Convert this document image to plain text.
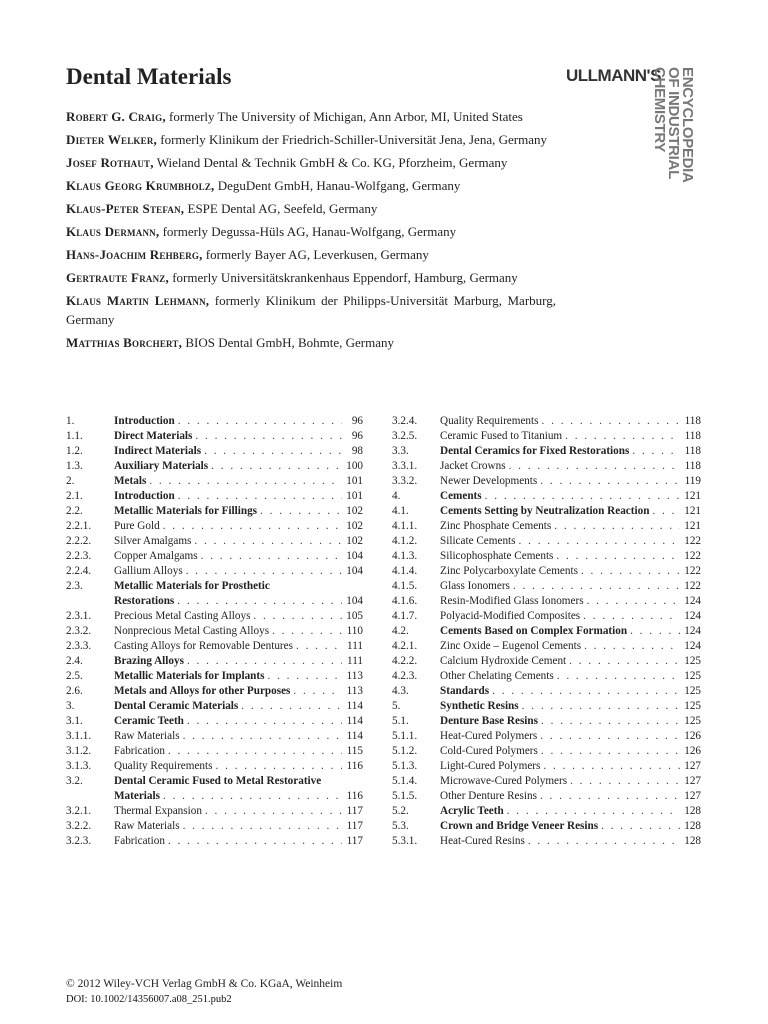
Dental Materials	ULLMANN'S ENCYCLOPEDIA
OF INDUSTRIAL
CHEMISTRY
Robert G. Craig, formerly The University of Michigan, Ann Arbor, MI, United States
Dieter Welker, formerly Klinikum der Friedrich-Schiller-Universität Jena, Jena, Germany
Josef Rothaut, Wieland Dental & Technik GmbH & Co. KG, Pforzheim, Germany
Klaus Georg Krumbholz, DeguDent GmbH, Hanau-Wolfgang, Germany
Klaus-Peter Stefan, ESPE Dental AG, Seefeld, Germany
Klaus Dermann, formerly Degussa-Hüls AG, Hanau-Wolfgang, Germany
Hans-Joachim Rehberg, formerly Bayer AG, Leverkusen, Germany
Gertraute Franz, formerly Universitätskrankenhaus Eppendorf, Hamburg, Germany
Klaus Martin Lehmann, formerly Klinikum der Philipps-Universität Marburg, Marburg, Germany
Matthias Borchert, BIOS Dental GmbH, Bohmte, Germany
1.	Introduction . . .	96
1.1.	Direct Materials . . .	96
1.2.	Indirect Materials . . .	98
1.3.	Auxiliary Materials . . .	100
2.	Metals . . .	101
2.1.	Introduction . . .	101
2.2.	Metallic Materials for Fillings . . .	102
2.2.1. Pure Gold . . .	102
2.2.2. Silver Amalgams . . .	102
2.2.3. Copper Amalgams . . .	104
2.2.4. Gallium Alloys . . .	104
2.3.	Metallic Materials for Prosthetic
Restorations . . .	104
2.3.1. Precious Metal Casting Alloys . . .	105
2.3.2. Nonprecious Metal Casting Alloys . . .	110
2.3.3. Casting Alloys for Removable Dentures . . .	111
2.4.	Brazing Alloys . . .	111
2.5.	Metallic Materials for Implants . . .	113
2.6.	Metals and Alloys for other Purposes . . .	113
3.	Dental Ceramic Materials . . .	114
3.1.	Ceramic Teeth . . .	114
3.1.1. Raw Materials . . .	114
3.1.2. Fabrication . . .	115
3.1.3. Quality Requirements . . .	116
3.2.	Dental Ceramic Fused to Metal Restorative
Materials . . .	116
3.2.1. Thermal Expansion . . .	117
3.2.2. Raw Materials . . .	117
3.2.3. Fabrication . . .	117
3.2.4. Quality Requirements . . .	118
3.2.5. Ceramic Fused to Titanium . . .	118
3.3.	Dental Ceramics for Fixed Restorations . . .	118
3.3.1. Jacket Crowns . . .	118
3.3.2. Newer Developments . . .	119
4.	Cements . . .	121
4.1.	Cements Setting by Neutralization Reaction . . .	121
4.1.1. Zinc Phosphate Cements . . .	121
4.1.2. Silicate Cements . . .	122
4.1.3. Silicophosphate Cements . . .	122
4.1.4. Zinc Polycarboxylate Cements . . .	122
4.1.5. Glass Ionomers . . .	122
4.1.6. Resin-Modified Glass Ionomers . . .	124
4.1.7. Polyacid-Modified Composites . . .	124
4.2.	Cements Based on Complex Formation . . .	124
4.2.1. Zinc Oxide – Eugenol Cements . . .	124
4.2.2. Calcium Hydroxide Cement . . .	125
4.2.3. Other Chelating Cements . . .	125
4.3.	Standards . . .	125
5.	Synthetic Resins . . .	125
5.1.	Denture Base Resins . . .	125
5.1.1. Heat-Cured Polymers . . .	126
5.1.2. Cold-Cured Polymers . . .	126
5.1.3. Light-Cured Polymers . . .	127
5.1.4. Microwave-Cured Polymers . . .	127
5.1.5. Other Denture Resins . . .	127
5.2.	Acrylic Teeth . . .	128
5.3.	Crown and Bridge Veneer Resins . . .	128
5.3.1. Heat-Cured Resins . . .	128
© 2012 Wiley-VCH Verlag GmbH & Co. KGaA, Weinheim
DOI: 10.1002/14356007.a08_251.pub2
